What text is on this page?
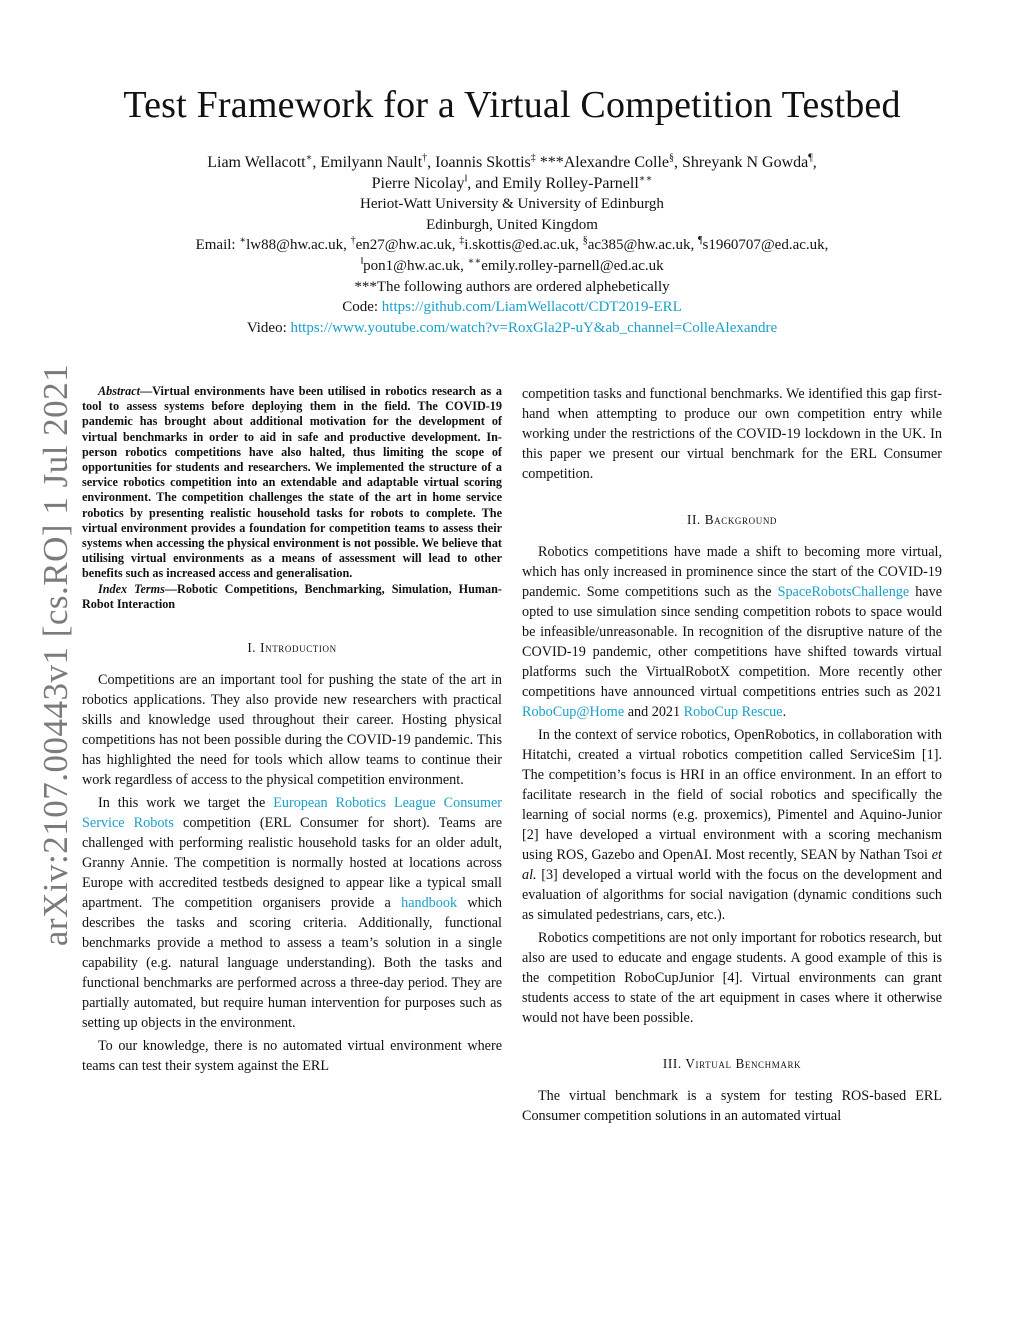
Test Framework for a Virtual Competition Testbed
Liam Wellacott∗, Emilyann Nault†, Ioannis Skottis‡ ***Alexandre Colle§, Shreyank N Gowda¶,
Pierre Nicolay‖, and Emily Rolley-Parnell∗∗
Heriot-Watt University & University of Edinburgh
Edinburgh, United Kingdom
Email: ∗lw88@hw.ac.uk, †en27@hw.ac.uk, ‡i.skottis@ed.ac.uk, §ac385@hw.ac.uk, ¶s1960707@ed.ac.uk,
‖pon1@hw.ac.uk, ∗∗emily.rolley-parnell@ed.ac.uk
***The following authors are ordered alphebetically
Code: https://github.com/LiamWellacott/CDT2019-ERL
Video: https://www.youtube.com/watch?v=RoxGla2P-uY&ab_channel=ColleAlexandre
arXiv:2107.00443v1 [cs.RO] 1 Jul 2021	Abstract—Virtual environments have been utilised in robotics research as a tool to assess systems before deploying them in the field. The COVID-19 pandemic has brought about additional motivation for the development of virtual benchmarks in order to aid in safe and productive development. In-person robotics competitions have also halted, thus limiting the scope of opportunities for students and researchers. We implemented the structure of a service robotics competition into an extendable and adaptable virtual scoring environment. The competition challenges the state of the art in home service robotics by presenting realistic household tasks for robots to complete. The virtual environment provides a foundation for competition teams to assess their systems when accessing the physical environment is not possible. We believe that utilising virtual environments as a means of assessment will lead to other benefits such as increased access and generalisation.

Index Terms—Robotic Competitions, Benchmarking, Simulation, Human-Robot Interaction

I. Introduction

Competitions are an important tool for pushing the state of the art in robotics applications. They also provide new researchers with practical skills and knowledge used throughout their career. Hosting physical competitions has not been possible during the COVID-19 pandemic. This has highlighted the need for tools which allow teams to continue their work regardless of access to the physical competition environment.

In this work we target the European Robotics League Consumer Service Robots competition (ERL Consumer for short). Teams are challenged with performing realistic household tasks for an older adult, Granny Annie. The competition is normally hosted at locations across Europe with accredited testbeds designed to appear like a typical small apartment. The competition organisers provide a handbook which describes the tasks and scoring criteria. Additionally, functional benchmarks provide a method to assess a team’s solution in a single capability (e.g. natural language understanding). Both the tasks and functional benchmarks are performed across a three-day period. They are partially automated, but require human intervention for purposes such as setting up objects in the environment.

To our knowledge, there is no automated virtual environment where teams can test their system against the ERL

competition tasks and functional benchmarks. We identified this gap first-hand when attempting to produce our own competition entry while working under the restrictions of the COVID-19 lockdown in the UK. In this paper we present our virtual benchmark for the ERL Consumer competition.

II. Background

Robotics competitions have made a shift to becoming more virtual, which has only increased in prominence since the start of the COVID-19 pandemic. Some competitions such as the SpaceRobotsChallenge have opted to use simulation since sending competition robots to space would be infeasible/unreasonable. In recognition of the disruptive nature of the COVID-19 pandemic, other competitions have shifted towards virtual platforms such the VirtualRobotX competition. More recently other competitions have announced virtual competitions entries such as 2021 RoboCup@Home and 2021 RoboCup Rescue.

In the context of service robotics, OpenRobotics, in collaboration with Hitatchi, created a virtual robotics competition called ServiceSim [1]. The competition’s focus is HRI in an office environment. In an effort to facilitate research in the field of social robotics and specifically the learning of social norms (e.g. proxemics), Pimentel and Aquino-Junior [2] have developed a virtual environment with a scoring mechanism using ROS, Gazebo and OpenAI. Most recently, SEAN by Nathan Tsoi et al. [3] developed a virtual world with the focus on the development and evaluation of algorithms for social navigation (dynamic conditions such as simulated pedestrians, cars, etc.).

Robotics competitions are not only important for robotics research, but also are used to educate and engage students. A good example of this is the competition RoboCupJunior [4]. Virtual environments can grant students access to state of the art equipment in cases where it otherwise would not have been possible.

III. Virtual Benchmark

The virtual benchmark is a system for testing ROS-based ERL Consumer competition solutions in an automated virtual
